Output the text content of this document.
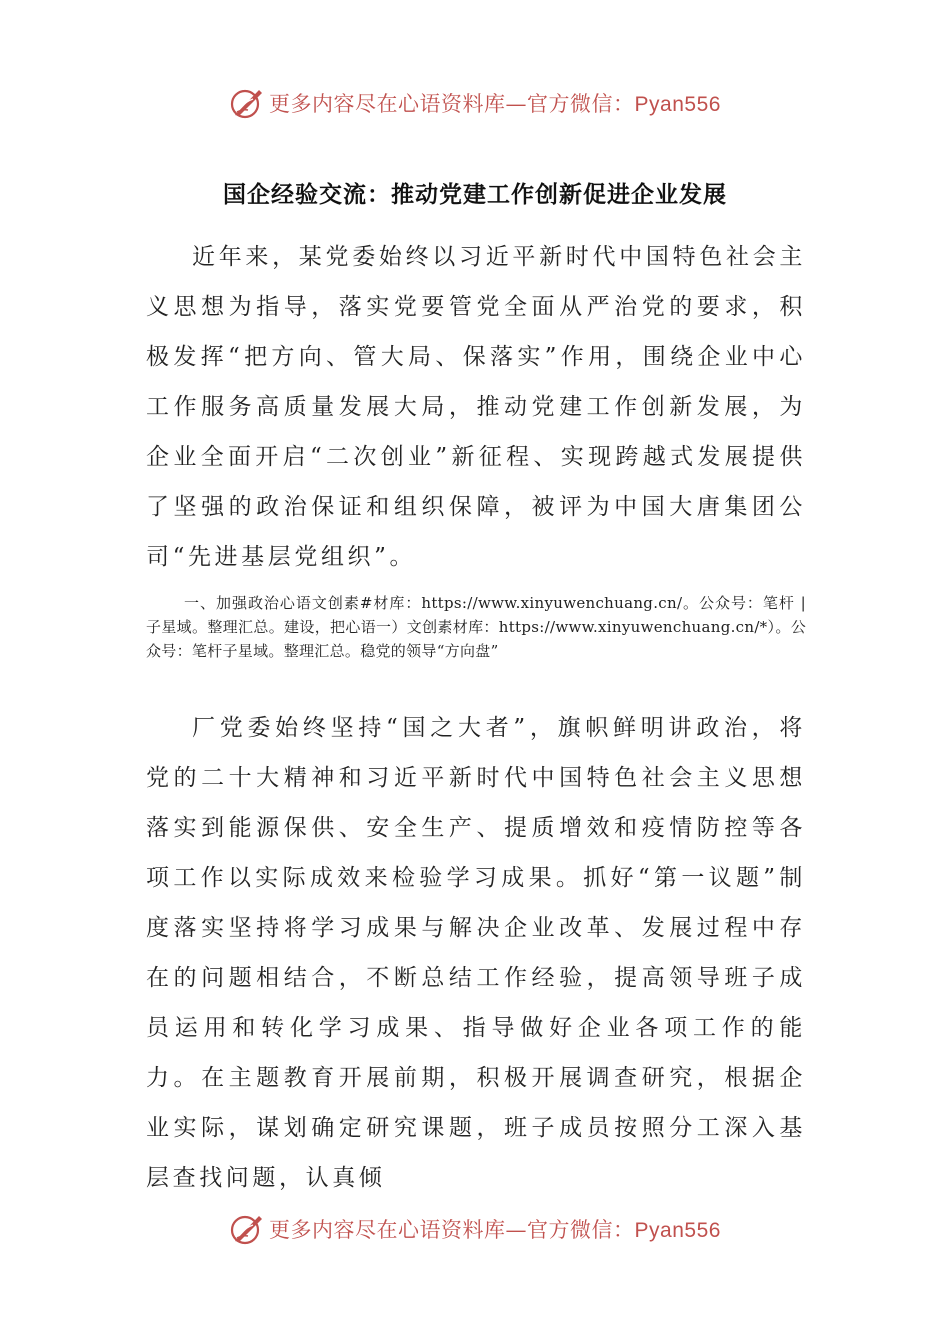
更多内容尽在心语资料库—官方微信：Pyan556
国企经验交流：推动党建工作创新促进企业发展

近年来，某党委始终以习近平新时代中国特色社会主义思想为指导，落实党要管党全面从严治党的要求，积极发挥“把方向、管大局、保落实”作用，围绕企业中心工作服务高质量发展大局，推动党建工作创新发展，为企业全面开启“二次创业”新征程、实现跨越式发展提供了坚强的政治保证和组织保障，被评为中国大唐集团公司“先进基层党组织”。

一、加强政治心语文创素#材库：https://www.xinyuwenchuang.cn/。公众号：笔杆 | 子星域。整理汇总。建设，把心语一）文创素材库：https://www.xinyuwenchuang.cn/*）。公众号：笔杆子星域。整理汇总。稳党的领导“方向盘”

厂党委始终坚持“国之大者”，旗帜鲜明讲政治，将党的二十大精神和习近平新时代中国特色社会主义思想落实到能源保供、安全生产、提质增效和疫情防控等各项工作以实际成效来检验学习成果。抓好“第一议题”制度落实坚持将学习成果与解决企业改革、发展过程中存在的问题相结合，不断总结工作经验，提高领导班子成员运用和转化学习成果、指导做好企业各项工作的能力。在主题教育开展前期，积极开展调查研究，根据企业实际，谋划确定研究课题，班子成员按照分工深入基层查找问题，认真倾

更多内容尽在心语资料库—官方微信：Pyan556
